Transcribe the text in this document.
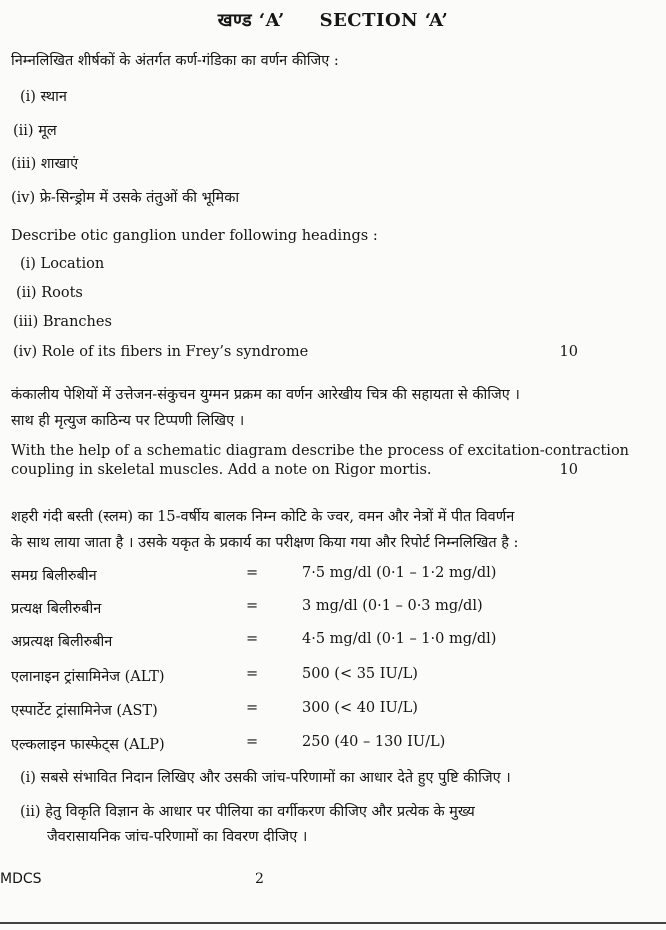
खण्ड ‘A’ SECTION ‘A’
निम्नलिखित शीर्षकों के अंतर्गत कर्ण-गंडिका का वर्णन कीजिए :
(i) स्थान
(ii) मूल
(iii) शाखाएं
(iv) फ्रे-सिन्ड्रोम में उसके तंतुओं की भूमिका
Describe otic ganglion under following headings :
(i) Location
(ii) Roots
(iii) Branches
(iv) Role of its fibers in Frey’s syndrome	10
कंकालीय पेशियों में उत्तेजन-संकुचन युग्मन प्रक्रम का वर्णन आरेखीय चित्र की सहायता से कीजिए ।
साथ ही मृत्युज काठिन्य पर टिप्पणी लिखिए ।
With the help of a schematic diagram describe the process of excitation-contraction
coupling in skeletal muscles. Add a note on Rigor mortis.	10
शहरी गंदी बस्ती (स्लम) का 15-वर्षीय बालक निम्न कोटि के ज्वर, वमन और नेत्रों में पीत विवर्णन
के साथ लाया जाता है । उसके यकृत के प्रकार्य का परीक्षण किया गया और रिपोर्ट निम्नलिखित है :
समग्र बिलीरुबीन	=	7·5 mg/dl (0·1 – 1·2 mg/dl)
प्रत्यक्ष बिलीरुबीन	=	3 mg/dl (0·1 – 0·3 mg/dl)
अप्रत्यक्ष बिलीरुबीन	=	4·5 mg/dl (0·1 – 1·0 mg/dl)
एलानाइन ट्रांसामिनेज (ALT)	=	500 (< 35 IU/L)
एस्पार्टेट ट्रांसामिनेज (AST)	=	300 (< 40 IU/L)
एल्कलाइन फास्फेट्स (ALP)	=	250 (40 – 130 IU/L)
(i) सबसे संभावित निदान लिखिए और उसकी जांच-परिणामों का आधार देते हुए पुष्टि कीजिए ।
(ii) हेतु विकृति विज्ञान के आधार पर पीलिया का वर्गीकरण कीजिए और प्रत्येक के मुख्य
जैवरासायनिक जांच-परिणामों का विवरण दीजिए ।
MDCS	2
